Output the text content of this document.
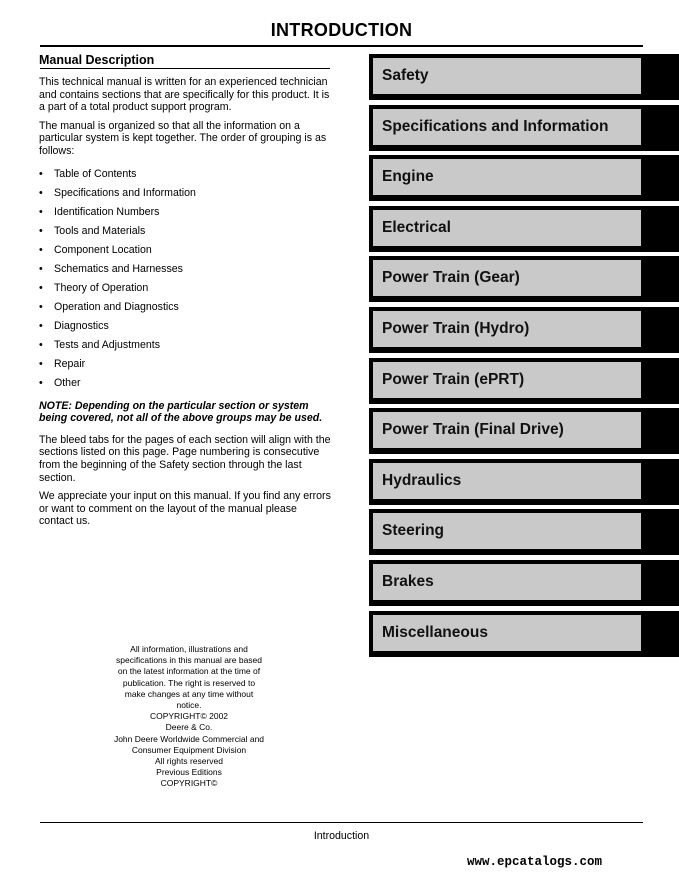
INTRODUCTION
Manual Description

This technical manual is written for an experienced technician and contains sections that are specifically for this product. It is a part of a total product support program.

The manual is organized so that all the information on a particular system is kept together. The order of grouping is as follows:

• Table of Contents
• Specifications and Information
• Identification Numbers
• Tools and Materials
• Component Location
• Schematics and Harnesses
• Theory of Operation
• Operation and Diagnostics
• Diagnostics
• Tests and Adjustments
• Repair
• Other

NOTE: Depending on the particular section or system being covered, not all of the above groups may be used.

The bleed tabs for the pages of each section will align with the sections listed on this page. Page numbering is consecutive from the beginning of the Safety section through the last section.

We appreciate your input on this manual. If you find any errors or want to comment on the layout of the manual please contact us.

All information, illustrations and
specifications in this manual are based
on the latest information at the time of
publication. The right is reserved to
make changes at any time without
notice.
COPYRIGHT© 2002
Deere & Co.
John Deere Worldwide Commercial and
Consumer Equipment Division
All rights reserved
Previous Editions
COPYRIGHT©
Safety
Specifications and Information
Engine
Electrical
Power Train (Gear)
Power Train (Hydro)
Power Train (ePRT)
Power Train (Final Drive)
Hydraulics
Steering
Brakes
Miscellaneous
Introduction
www.epcatalogs.com
